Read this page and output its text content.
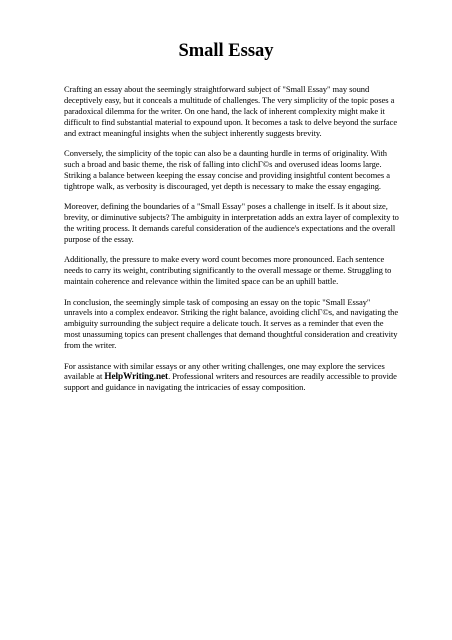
Small Essay

Crafting an essay about the seemingly straightforward subject of "Small Essay" may sound deceptively easy, but it conceals a multitude of challenges. The very simplicity of the topic poses a paradoxical dilemma for the writer. On one hand, the lack of inherent complexity might make it difficult to find substantial material to expound upon. It becomes a task to delve beyond the surface and extract meaningful insights when the subject inherently suggests brevity.

Conversely, the simplicity of the topic can also be a daunting hurdle in terms of originality. With such a broad and basic theme, the risk of falling into clichГ©s and overused ideas looms large. Striking a balance between keeping the essay concise and providing insightful content becomes a tightrope walk, as verbosity is discouraged, yet depth is necessary to make the essay engaging.

Moreover, defining the boundaries of a "Small Essay" poses a challenge in itself. Is it about size, brevity, or diminutive subjects? The ambiguity in interpretation adds an extra layer of complexity to the writing process. It demands careful consideration of the audience's expectations and the overall purpose of the essay.

Additionally, the pressure to make every word count becomes more pronounced. Each sentence needs to carry its weight, contributing significantly to the overall message or theme. Struggling to maintain coherence and relevance within the limited space can be an uphill battle.

In conclusion, the seemingly simple task of composing an essay on the topic "Small Essay" unravels into a complex endeavor. Striking the right balance, avoiding clichГ©s, and navigating the ambiguity surrounding the subject require a delicate touch. It serves as a reminder that even the most unassuming topics can present challenges that demand thoughtful consideration and creativity from the writer.

For assistance with similar essays or any other writing challenges, one may explore the services available at HelpWriting.net. Professional writers and resources are readily accessible to provide support and guidance in navigating the intricacies of essay composition.
